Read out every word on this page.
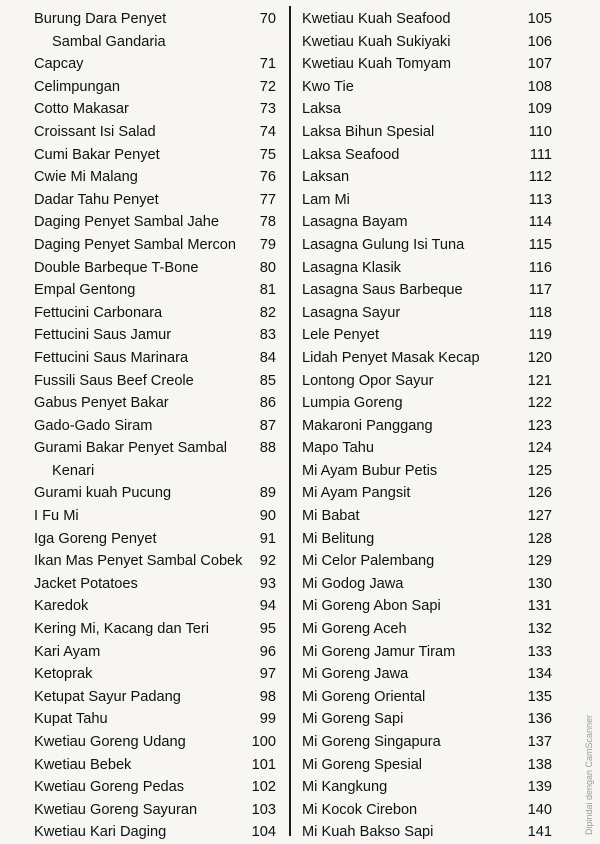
Burung Dara Penyet	70
Sambal Gandaria
Capcay	71
Celimpungan	72
Cotto Makasar	73
Croissant Isi Salad	74
Cumi Bakar Penyet	75
Cwie Mi Malang	76
Dadar Tahu Penyet	77
Daging Penyet Sambal Jahe	78
Daging Penyet Sambal Mercon 79
Double Barbeque T-Bone	80
Empal Gentong	81
Fettucini Carbonara	82
Fettucini Saus Jamur	83
Fettucini Saus Marinara	84
Fussili Saus Beef Creole	85
Gabus Penyet Bakar	86
Gado-Gado Siram	87
Gurami Bakar Penyet Sambal 88
Kenari
Gurami kuah Pucung	89
I Fu Mi	90
Iga Goreng Penyet	91
Ikan Mas Penyet Sambal Cobek 92
Jacket Potatoes	93
Karedok	94
Kering Mi, Kacang dan Teri	95
Kari Ayam	96
Ketoprak	97
Ketupat Sayur Padang	98
Kupat Tahu	99
Kwetiau Goreng Udang	100
Kwetiau Bebek	101
Kwetiau Goreng Pedas	102
Kwetiau Goreng Sayuran	103
Kwetiau Kari Daging	104
Kwetiau Kuah Seafood	105
Kwetiau Kuah Sukiyaki	106
Kwetiau Kuah Tomyam	107
Kwo Tie	108
Laksa	109
Laksa Bihun Spesial	110
Laksa Seafood	111
Laksan	112
Lam Mi	113
Lasagna Bayam	114
Lasagna Gulung Isi Tuna	115
Lasagna Klasik	116
Lasagna Saus Barbeque	117
Lasagna Sayur	118
Lele Penyet	119
Lidah Penyet Masak Kecap	120
Lontong Opor Sayur	121
Lumpia Goreng	122
Makaroni Panggang	123
Mapo Tahu	124
Mi Ayam Bubur Petis	125
Mi Ayam Pangsit	126
Mi Babat	127
Mi Belitung	128
Mi Celor Palembang	129
Mi Godog Jawa	130
Mi Goreng Abon Sapi	131
Mi Goreng Aceh	132
Mi Goreng Jamur Tiram	133
Mi Goreng Jawa	134
Mi Goreng Oriental	135
Mi Goreng Sapi	136
Mi Goreng Singapura	137
Mi Goreng Spesial	138
Mi Kangkung	139
Mi Kocok Cirebon	140
Mi Kuah Bakso Sapi	141	Dipindai dengan CamScanner
